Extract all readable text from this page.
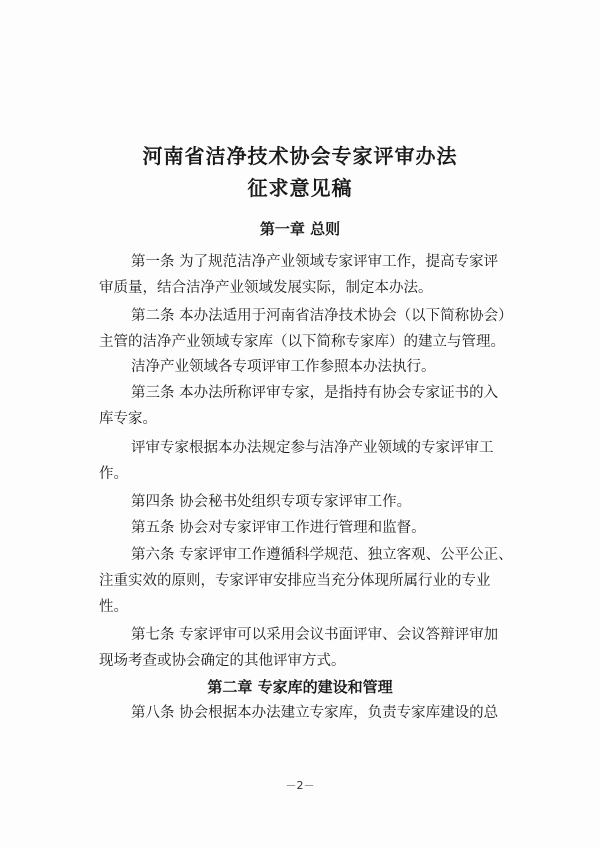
河南省洁净技术协会专家评审办法
征求意见稿
第一章 总则
第一条 为了规范洁净产业领域专家评审工作，提高专家评
审质量，结合洁净产业领域发展实际，制定本办法。
第二条 本办法适用于河南省洁净技术协会（以下简称协会）
主管的洁净产业领域专家库（以下简称专家库）的建立与管理。
洁净产业领域各专项评审工作参照本办法执行。
第三条 本办法所称评审专家，是指持有协会专家证书的入
库专家。
评审专家根据本办法规定参与洁净产业领域的专家评审工
作。
第四条 协会秘书处组织专项专家评审工作。
第五条 协会对专家评审工作进行管理和监督。
第六条 专家评审工作遵循科学规范、独立客观、公平公正、
注重实效的原则，专家评审安排应当充分体现所属行业的专业
性。
第七条 专家评审可以采用会议书面评审、会议答辩评审加
现场考查或协会确定的其他评审方式。
第二章 专家库的建设和管理
第八条 协会根据本办法建立专家库，负责专家库建设的总
－2－
